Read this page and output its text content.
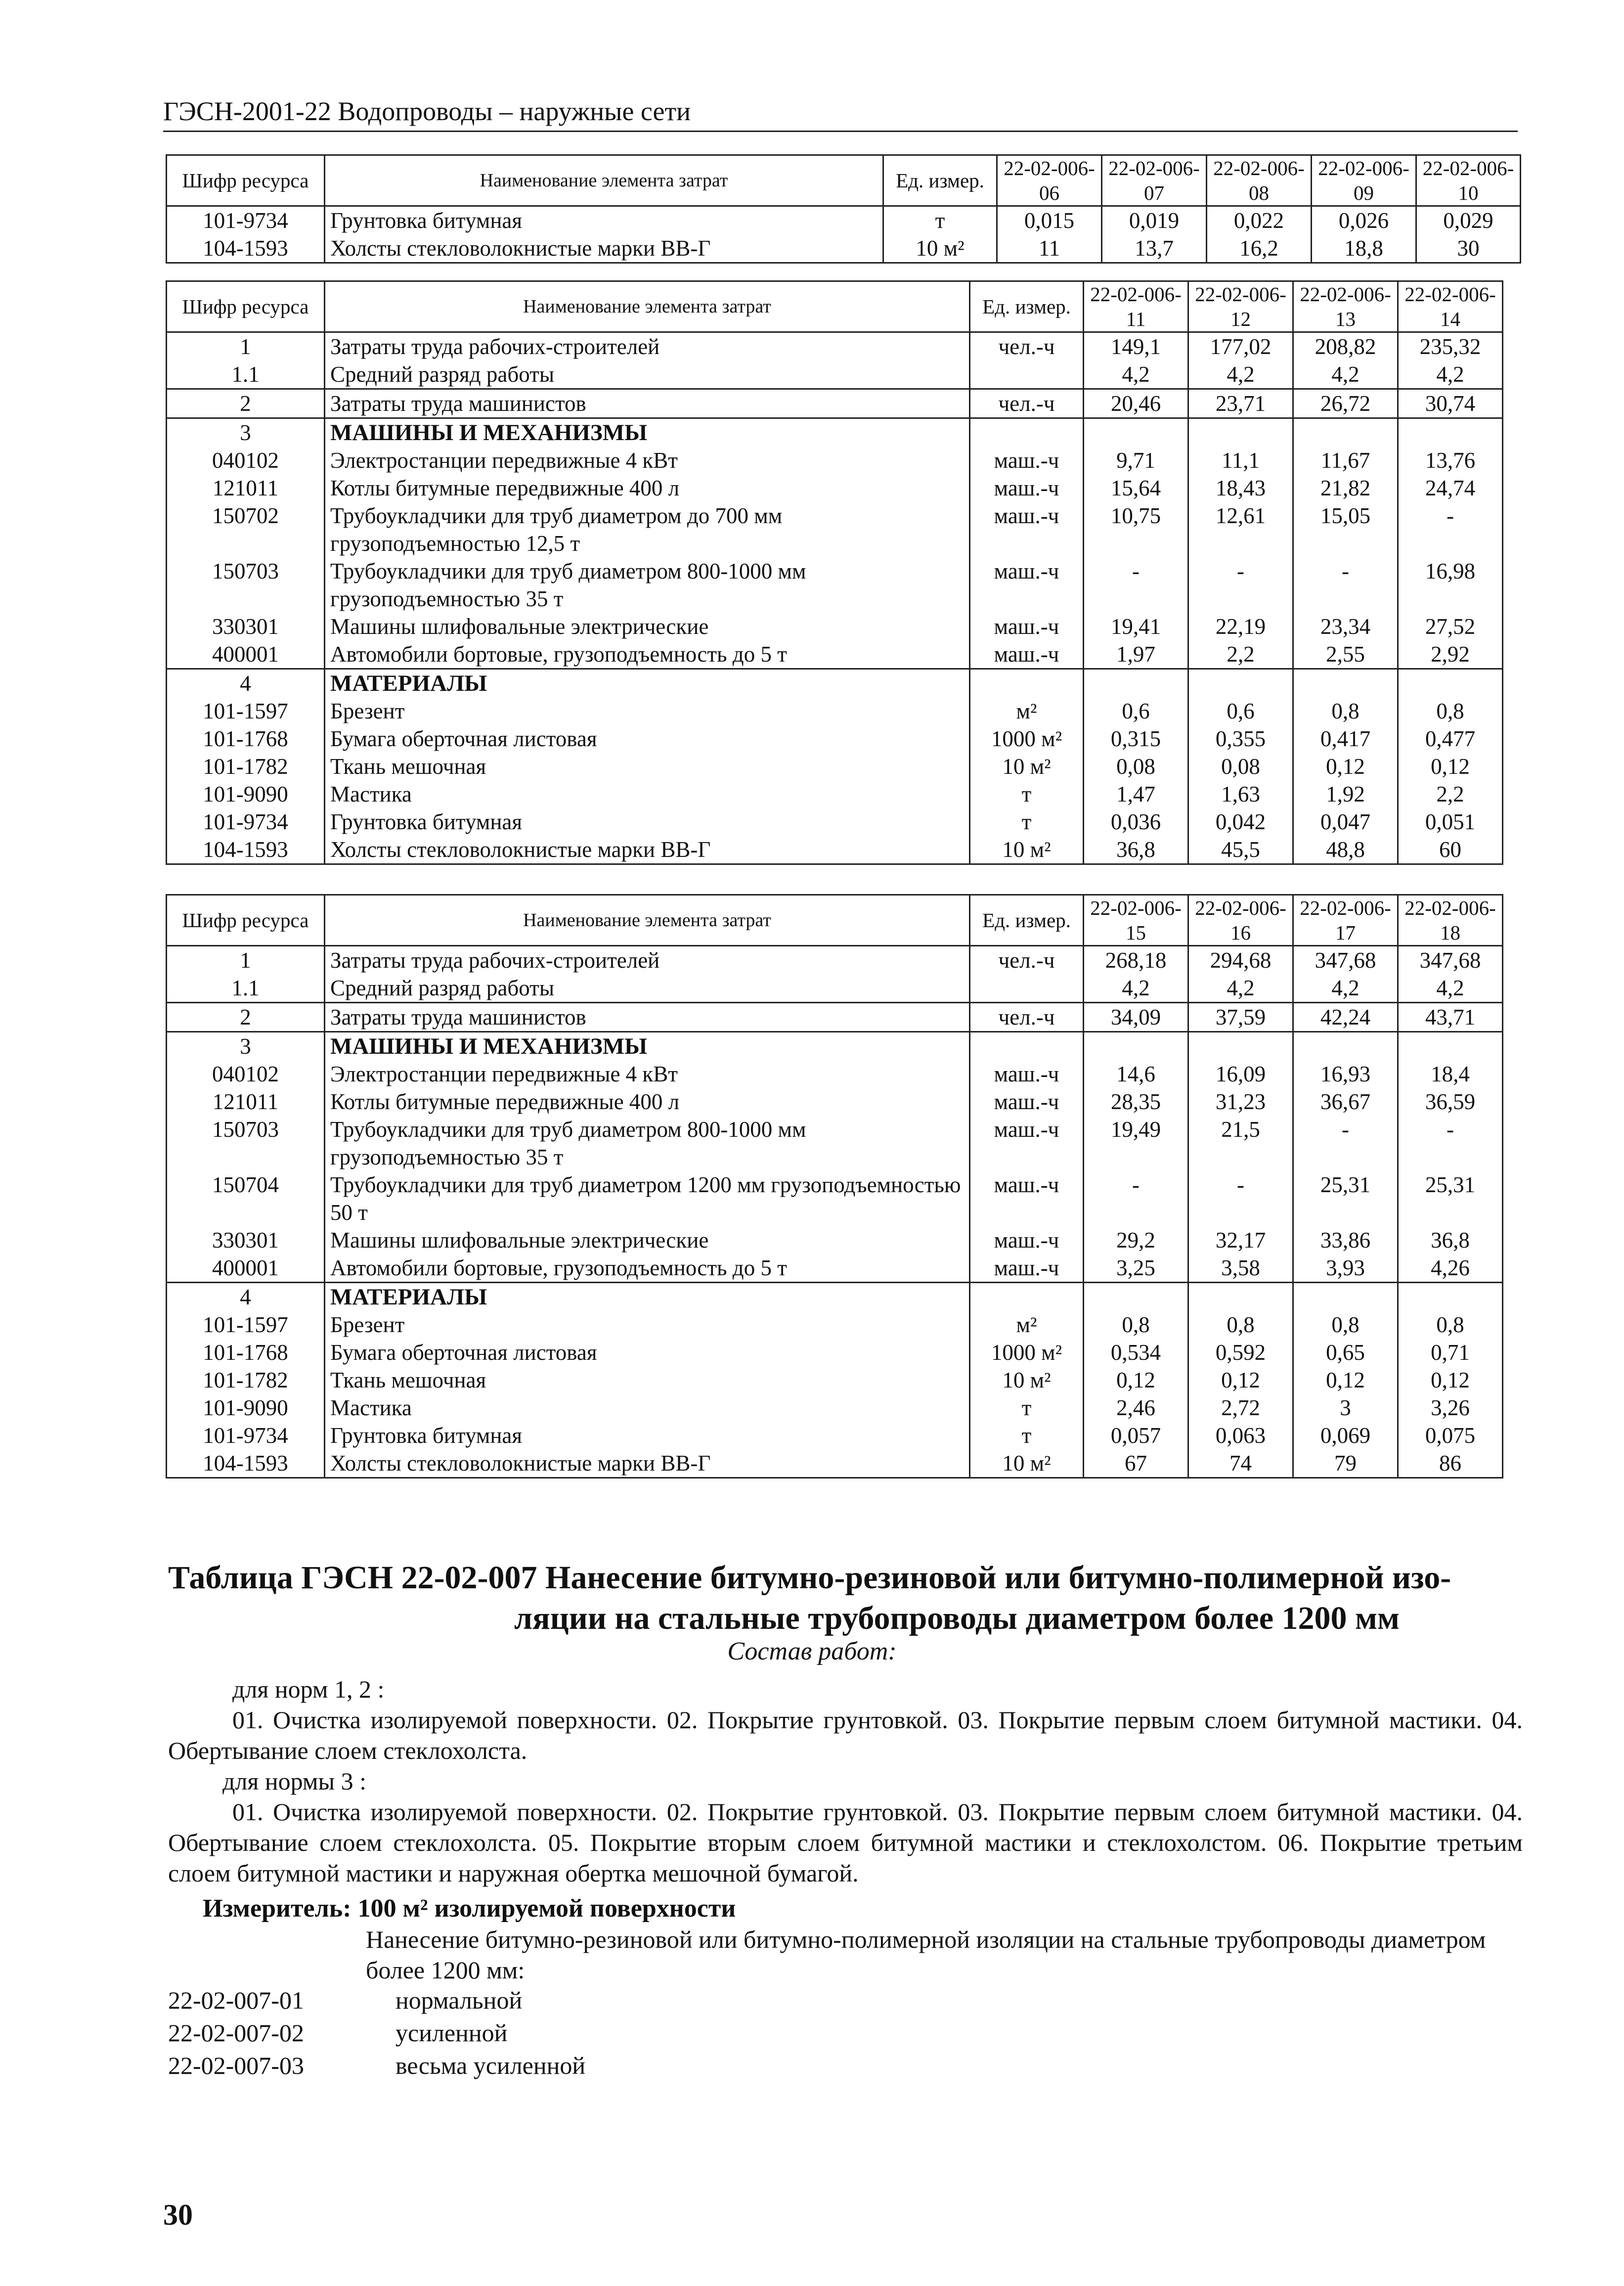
ГЭСН-2001-22 Водопроводы – наружные сети
Шифр ресурса	Наименование элемента затрат	Ед. измер.	22-02-006-06	22-02-006-07	22-02-006-08	22-02-006-09	22-02-006-10
101-9734	Грунтовка битумная	т	0,015	0,019	0,022	0,026	0,029
104-1593	Холсты стекловолокнистые марки ВВ-Г	10 м²	11	13,7	16,2	18,8	30
Шифр ресурса	Наименование элемента затрат	Ед. измер.	22-02-006-11	22-02-006-12	22-02-006-13	22-02-006-14
1	Затраты труда рабочих-строителей	чел.-ч	149,1	177,02	208,82	235,32
1.1	Средний разряд работы		4,2	4,2	4,2	4,2
2	Затраты труда машинистов	чел.-ч	20,46	23,71	26,72	30,74
3	МАШИНЫ И МЕХАНИЗМЫ					
040102	Электростанции передвижные 4 кВт	маш.-ч	9,71	11,1	11,67	13,76
121011	Котлы битумные передвижные 400 л	маш.-ч	15,64	18,43	21,82	24,74
150702	Трубоукладчики для труб диаметром до 700 мм грузоподъемностью 12,5 т	маш.-ч	10,75	12,61	15,05	-
150703	Трубоукладчики для труб диаметром 800-1000 мм грузоподъемностью 35 т	маш.-ч	-	-	-	16,98
330301	Машины шлифовальные электрические	маш.-ч	19,41	22,19	23,34	27,52
400001	Автомобили бортовые, грузоподъемность до 5 т	маш.-ч	1,97	2,2	2,55	2,92
4	МАТЕРИАЛЫ					
101-1597	Брезент	м²	0,6	0,6	0,8	0,8
101-1768	Бумага оберточная листовая	1000 м²	0,315	0,355	0,417	0,477
101-1782	Ткань мешочная	10 м²	0,08	0,08	0,12	0,12
101-9090	Мастика	т	1,47	1,63	1,92	2,2
101-9734	Грунтовка битумная	т	0,036	0,042	0,047	0,051
104-1593	Холсты стекловолокнистые марки ВВ-Г	10 м²	36,8	45,5	48,8	60
Шифр ресурса	Наименование элемента затрат	Ед. измер.	22-02-006-15	22-02-006-16	22-02-006-17	22-02-006-18
1	Затраты труда рабочих-строителей	чел.-ч	268,18	294,68	347,68	347,68
1.1	Средний разряд работы		4,2	4,2	4,2	4,2
2	Затраты труда машинистов	чел.-ч	34,09	37,59	42,24	43,71
3	МАШИНЫ И МЕХАНИЗМЫ					
040102	Электростанции передвижные 4 кВт	маш.-ч	14,6	16,09	16,93	18,4
121011	Котлы битумные передвижные 400 л	маш.-ч	28,35	31,23	36,67	36,59
150703	Трубоукладчики для труб диаметром 800-1000 мм грузоподъемностью 35 т	маш.-ч	19,49	21,5	-	-
150704	Трубоукладчики для труб диаметром 1200 мм грузоподъемностью 50 т	маш.-ч	-	-	25,31	25,31
330301	Машины шлифовальные электрические	маш.-ч	29,2	32,17	33,86	36,8
400001	Автомобили бортовые, грузоподъемность до 5 т	маш.-ч	3,25	3,58	3,93	4,26
4	МАТЕРИАЛЫ					
101-1597	Брезент	м²	0,8	0,8	0,8	0,8
101-1768	Бумага оберточная листовая	1000 м²	0,534	0,592	0,65	0,71
101-1782	Ткань мешочная	10 м²	0,12	0,12	0,12	0,12
101-9090	Мастика	т	2,46	2,72	3	3,26
101-9734	Грунтовка битумная	т	0,057	0,063	0,069	0,075
104-1593	Холсты стекловолокнистые марки ВВ-Г	10 м²	67	74	79	86
Таблица ГЭСН 22-02-007 Нанесение битумно-резиновой или битумно-полимерной изо-
ляции на стальные трубопроводы диаметром более 1200 мм
Состав работ:
для норм 1, 2 :
01. Очистка изолируемой поверхности. 02. Покрытие грунтовкой. 03. Покрытие первым слоем битумной мастики. 04. Обертывание слоем стеклохолста.
для нормы 3 :
01. Очистка изолируемой поверхности. 02. Покрытие грунтовкой. 03. Покрытие первым слоем битумной мастики. 04. Обертывание слоем стеклохолста. 05. Покрытие вторым слоем битумной мастики и стеклохолстом. 06. Покрытие третьим слоем битумной мастики и наружная обертка мешочной бумагой.
Измеритель: 100 м² изолируемой поверхности
Нанесение битумно-резиновой или битумно-полимерной изоляции на стальные трубопроводы диаметром более 1200 мм:
22-02-007-01	нормальной
22-02-007-02	усиленной
22-02-007-03	весьма усиленной
30
